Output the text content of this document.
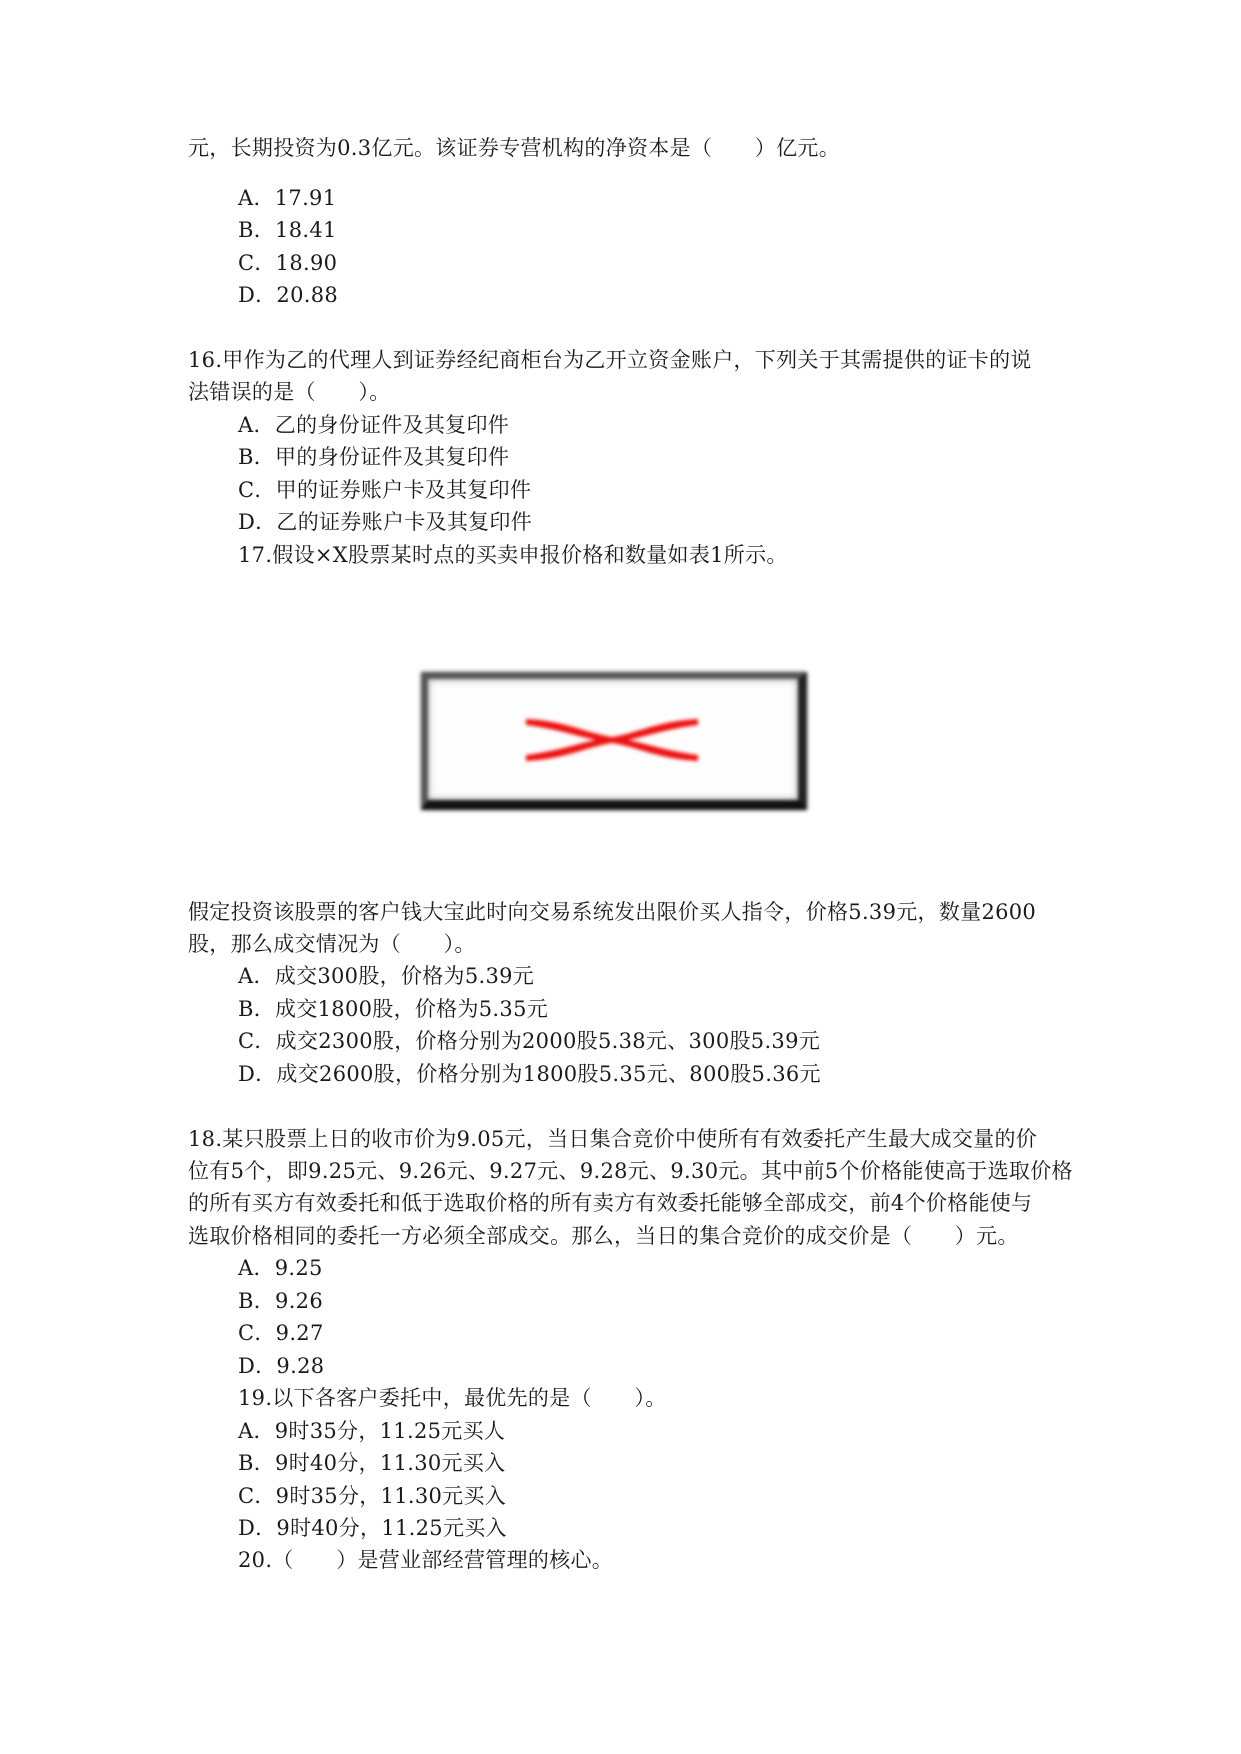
元，长期投资为0.3亿元。该证券专营机构的净资本是（　　）亿元。
A．17.91
B．18.41
C．18.90
D．20.88
16.甲作为乙的代理人到证券经纪商柜台为乙开立资金账户，下列关于其需提供的证卡的说
法错误的是（　　）。
A．乙的身份证件及其复印件
B．甲的身份证件及其复印件
C．甲的证券账户卡及其复印件
D．乙的证券账户卡及其复印件
17.假设×X股票某时点的买卖申报价格和数量如表1所示。
假定投资该股票的客户钱大宝此时向交易系统发出限价买人指令，价格5.39元，数量2600
股，那么成交情况为（　　）。
A．成交300股，价格为5.39元
B．成交1800股，价格为5.35元
C．成交2300股，价格分别为2000股5.38元、300股5.39元
D．成交2600股，价格分别为1800股5.35元、800股5.36元
18.某只股票上日的收市价为9.05元，当日集合竞价中使所有有效委托产生最大成交量的价
位有5个，即9.25元、9.26元、9.27元、9.28元、9.30元。其中前5个价格能使高于选取价格
的所有买方有效委托和低于选取价格的所有卖方有效委托能够全部成交，前4个价格能使与
选取价格相同的委托一方必须全部成交。那么，当日的集合竞价的成交价是（　　）元。
A．9.25
B．9.26
C．9.27
D．9.28
19.以下各客户委托中，最优先的是（　　）。
A．9时35分，11.25元买人
B．9时40分，11.30元买入
C．9时35分，11.30元买入
D．9时40分，11.25元买入
20.（　　）是营业部经营管理的核心。
